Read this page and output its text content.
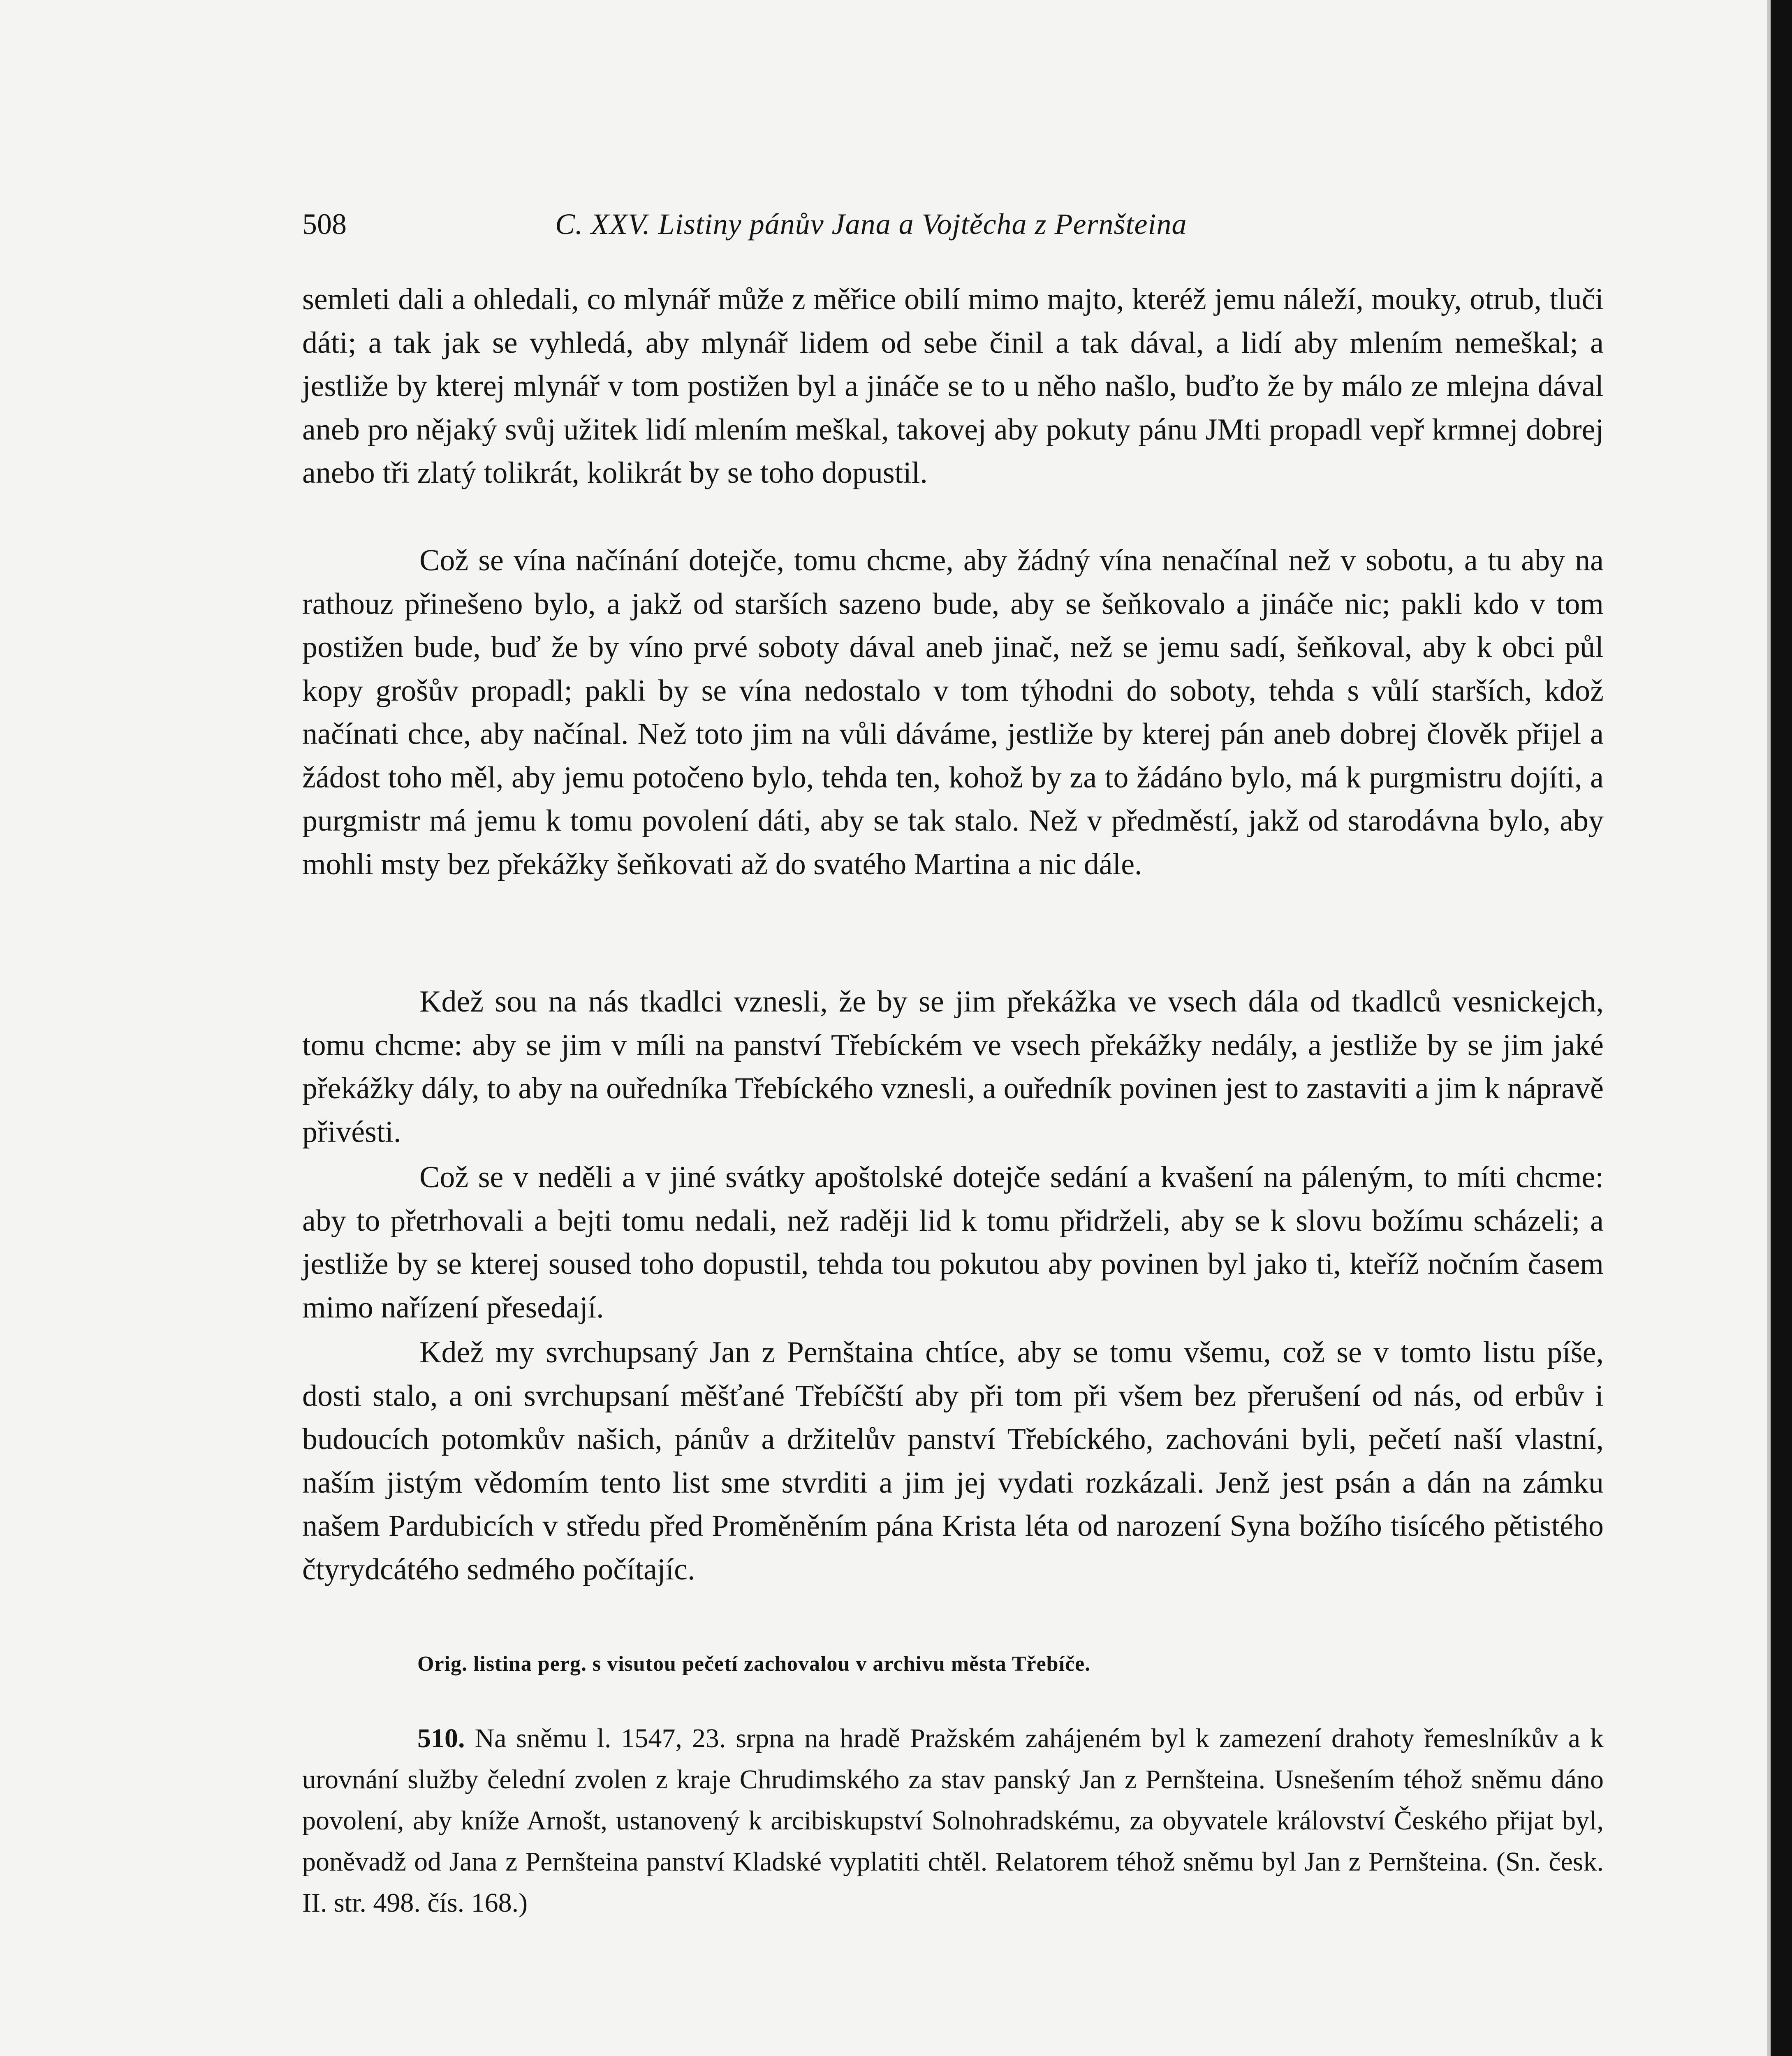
508	C. XXV. Listiny pánův Jana a Vojtěcha z Pernšteina

semleti dali a ohledali, co mlynář může z měřice obilí mimo majto, kteréž jemu náleží, mouky, otrub, tluči dáti; a tak jak se vyhledá, aby mlynář lidem od sebe činil a tak dával, a lidí aby mlením nemeškal; a jestliže by kterej mlynář v tom postižen byl a jináče se to u něho našlo, buďto že by málo ze mlejna dával aneb pro nějaký svůj užitek lidí mlením meškal, takovej aby pokuty pánu JMti propadl vepř krmnej dobrej anebo tři zlatý tolikrát, kolikrát by se toho dopustil.

Což se vína načínání dotejče, tomu chcme, aby žádný vína nenačínal než v sobotu, a tu aby na rathouz přinešeno bylo, a jakž od starších sazeno bude, aby se šeňkovalo a jináče nic; pakli kdo v tom postižen bude, buď že by víno prvé soboty dával aneb jinač, než se jemu sadí, šeňkoval, aby k obci půl kopy grošův propadl; pakli by se vína nedostalo v tom týhodni do soboty, tehda s vůlí starších, kdož načínati chce, aby načínal. Než toto jim na vůli dáváme, jestliže by kterej pán aneb dobrej člověk přijel a žádost toho měl, aby jemu potočeno bylo, tehda ten, kohož by za to žádáno bylo, má k purgmistru dojíti, a purgmistr má jemu k tomu povolení dáti, aby se tak stalo. Než v předměstí, jakž od starodávna bylo, aby mohli msty bez překážky šeňkovati až do svatého Martina a nic dále.

Kdež sou na nás tkadlci vznesli, že by se jim překážka ve vsech dála od tkadlců vesnickejch, tomu chcme: aby se jim v míli na panství Třebíckém ve vsech překážky nedály, a jestliže by se jim jaké překážky dály, to aby na ouředníka Třebíckého vznesli, a ouředník povinen jest to zastaviti a jim k nápravě přivésti.

Což se v neděli a v jiné svátky apoštolské dotejče sedání a kvašení na páleným, to míti chcme: aby to přetrhovali a bejti tomu nedali, než raději lid k tomu přidrželi, aby se k slovu božímu scházeli; a jestliže by se kterej soused toho dopustil, tehda tou pokutou aby povinen byl jako ti, kteříž nočním časem mimo nařízení přesedají.

Kdež my svrchupsaný Jan z Pernštaina chtíce, aby se tomu všemu, což se v tomto listu píše, dosti stalo, a oni svrchupsaní měšťané Třebíčští aby při tom při všem bez přerušení od nás, od erbův i budoucích potomkův našich, pánův a držitelův panství Třebíckého, zachováni byli, pečetí naší vlastní, naším jistým vědomím tento list sme stvrditi a jim jej vydati rozkázali. Jenž jest psán a dán na zámku našem Pardubicích v středu před Proměněním pána Krista léta od narození Syna božího tisícého pětistého čtyrydcátého sedmého počítajíc.

Orig. listina perg. s visutou pečetí zachovalou v archivu města Třebíče.

510. Na sněmu l. 1547, 23. srpna na hradě Pražském zahájeném byl k zamezení drahoty řemeslníkův a k urovnání služby čelední zvolen z kraje Chrudimského za stav panský Jan z Pernšteina. Usnešením téhož sněmu dáno povolení, aby kníže Arnošt, ustanovený k arcibiskupství Solnohradskému, za obyvatele království Českého přijat byl, poněvadž od Jana z Pernšteina panství Kladské vyplatiti chtěl. Relatorem téhož sněmu byl Jan z Pernšteina. (Sn. česk. II. str. 498. čís. 168.)
